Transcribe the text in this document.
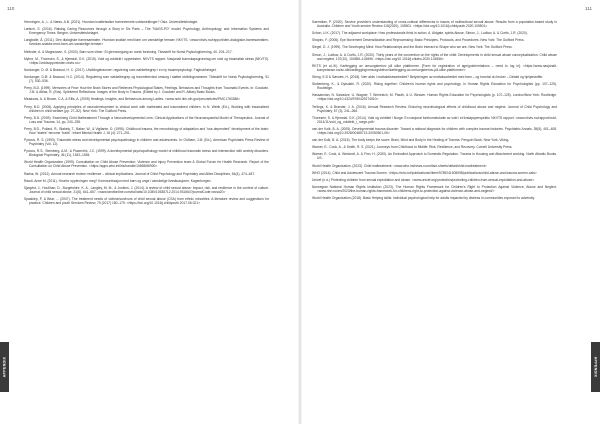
110

Henningen, A., L. & Næss, A.B. (2021). Hvordan kvalitetssikre barnevernets voldsmeldinger? Oslo: Universitetsforlaget.

Lætsch, S. (2016). Raising Caring Resources through a Story in Six Parts – The "NAGS-PO" model. Psychology, Anthropology, and Information Systems and Emergency Times. Bergen: Universitetsforlaget.

Langballe, Å. (2011). Den dialogiske barnesamtalen. Hvordan snakke med barn om vanskelige temaer. NKVTS. <www.nkvts.no/rapport/den-dialogiske-barnesamtalen-hvordan-snakke-med-barn-om-vanskelige-temaer>

Melinder, A. & Magnussen, S. (2003). Barn som vitner: Et giennomgang av norsk forskning. Tidsskrift for Norsk Psykologforening, 40, 204–217.

Myhre, M., Thoresen, S., & Hjemdal, O.K. (2015). Vold og voldtekt i oppveksten. NKVTS rapport. Nasjonalt kunnskapsgrunnlag om vold og traumatisk stress (NKVTS). <https://voldsoppveksten.nkvts.no>

Nordanger, D. Ø. & Braarud, H. C. (2017). Utviklingstraumer: regulering som nøkkelbegrep i en ny traumepsykologi. Fagbokforlaget.

Nordanger, D.Ø. & Braarud, H.C. (2014). Regulering som nøkkelbegrep og traumebevisst omsorg i støttet utviklingsrammer. Tidsskrift for Norsk Psykologforening, 51 (7), 530–536.

Perry, B.D. (1999). Memories of Fear: How the Brain Stores and Retrieves Physiological States, Feelings, Behaviors and Thoughts from Traumatic Events. In: Goodwin, J.M. & Attias, R. (Eds). Splintered Reflections: Images of the Body in Trauma. (Edited by J. Goodwin and R. Attias) Basic Books.

Meadows, A. & Brown, C.A. & Ellis, A. (2005) Healings, Insights, and Behaviours among Ladies. <www.ncbi.nlm.nih.gov/pmc/articles/PMC1760386>

Perry, B.D. (2006). Applying principles of neurodevelopment to clinical work with maltreated and traumatized children. In N. Webb (Ed.), Working with traumatized children in child welfare (pp. 27–52). New York: The Guilford Press.

Perry, B.D. (2009). Examining Child Maltreatment Through a Neurodevelopmental Lens: Clinical Applications of the Neurosequential Model of Therapeutics. Journal of Loss and Trauma, 14, pp. 240–255.

Perry, B.D., Pollard, R., Blakely, T., Baker, W., & Vigilante, D. (1995). Childhood trauma, the neurobiology of adaptation and "use-dependent" development of the brain: How "states" become "traits". Infant Mental Health J, 16 (4): 271–291.

Pynoos, R. S. (1993). Traumatic stress and developmental psychopathology in children and adolescents. In: Oldham, J.M. (Ed.), American Psychiatric Press Review of Psychiatry (Vol. 12).

Pynoos, R.S., Steinberg, A.M., & Piacentini, J.C. (1999). A developmental psychopathology model of childhood traumatic stress and intersection with anxiety disorders. Biological Psychiatry, 46 (11), 1542–1554.

World Health Organization (1999). Consultation on Child Abuse Prevention: Violence and Injury Prevention team & Global Forum for Health Research. Report of the Consultation on Child Abuse Prevention. <https://apps.who.int/iris/handle/10665/65900>

Rørbø, W. (2012). Annual research review: resilience – clinical implications. Journal of Child Psychology and Psychiatry and Allied Disciplines, 54(4), 474–487.

Raudi, Anne M. (2011). Hvorfor opplevingen meg? Kommunikasjon med barn og unge i vanskelige livssituasjoner. Kagenborgen.

Sjøqvist, J., Houlihan, D., Burgetshire, K. A., Langley, M. M., & Junkins, J. (2014). A review of child sexual abuse: Impact, risk, and resilience in the context of culture. Journal of child sexual abuse, 21(6), 641–657. <www.tandfonline.com/doi/abs/10.1080/10538712.2014.931663?journalCode=wcsa20>

Spasklep, P. & Bear, ... (2007). The treatment needs of victims/survivors of child sexual abuse (CSA) from ethnic minorities: A literature review and suggestions for practice. Children and youth Services Review, 79 (2017) 180–175. <https://doi.org/10.1016/j.childyouth.2017.06.021>

APPENDIX
111

Saemdian, P. (2020). Service provider's understanding of cross-cultural differences in issues of multicultural sexual abuse: Results from a population-based study in Australia. Children and Youth service Review 118(2020), 105501. <https://doi.org/10.1016/j.childyouth.2020.105501>

Schon, U.K. (2017). The adjacent workplace: How professionals think in action. A. Aldgate, spirits Abuse, Simon, J., Ludlow, A. & Curtis, J.R. (2020).

Shapiro, F. (2006). Eye Movement Desensitization and Reprocessing: Basic Principles, Protocols, and Procedures. New York: The Guilford Press.

Siegel, D. J. (1999). The Developing Mind: How Relationships and the Brain Interact to Shape who we are. New York: The Guilford Press.

Simon, J., Ludlow, A. & Curtis, J.R. (2020). Thirty years of the convention on the rights of the child: Developments in child sexual abuse conceptualization. Child abuse and neglect, 107(10), 104556–104596. <https://doi.org/10.1016/j.chiabu.2020.104556>

RKTS (et al.-III). Kartlegging av omsorgsbehov på ulike plattformer. [Form for registration of age/guide/relations – need to log in]. <https://www.nasjonalt-kompetanse.no/av-idk/kartlegging/omsorgsbehov/kartlegging-av-omsorgsbehov-på-ulike-plattformer/>

Steng, E.D & Sørnæs, H. (2018). Vær aktiv i mottakelsesarbeidet? Betydningen av mottaksarbeidet med barn – og hvordal du bruker – Debatt og hjelpestoffer.

Stoltenberg, K., & Dytsdahl, R. (2020). Rising together: Children's human rights and psychology. In Human Rights Education for Psychologists (pp. 107–125). Routledge.

Hassannian, N. Saivadze, U. Wagner, T. Weinreich, M. Plauth, & U. Weaver. Human Rights Education for Psychologists (p. 107–125). London/New York: Routledge. <https://doi.org/10.4324/9780429274510>

Terlings, K. & Brander, J. A. (2016). Annual Research Review: Enduring neurobiological effects of childhood abuse and neglect. Journal of Child Psychology and Psychiatry, 57 (3), 241–266.

Thoresen, S. & Hjemdal, O.K. (2014). Vold og voldtekt i Norge: En nasjonal forekomststudie av vold i et livsløpsperspektiv. NKVTS rapport. <www.nkvts.no/rapport/vold-2014/11/vold_og_voldtekt_i_norge.pdf>

van der Kolk, B. A. (2005). Developmental trauma disorder: Toward a rational diagnosis for children with complex trauma histories. Psychiatric Annals, 35(5), 401–408. <https://doi.org/10.3928/00485713-20050501-06>

van der Kolk, B. A. (2015). The body keeps the score: Brain, Mind and Body in the Healing of Trauma. Penguin Book. New York: Viking.

Warner, E., Cook, A., & Smith, R. S. (2021). Journeys from Childhood to Midlife: Risk, Resilience, and Recovery. Cornell University Press.

Warner, E. Cook, A. Westcott, A. & Finn, H. (2020). An Embodied Approach to Domestic Regulation. Trauma in Housing and Attachment working. North Atlantic Books. US.

World Health Organization. (2023). Child maltreatment. <www.who.int/news-room/fact-sheets/detail/child-maltreatment>

WHO (2014). Child and Adolescent Trauma Screen. <https://who.int/publications/i/item/9789241505598/publications/child-abuse-and-trauma-screen-cats>

Unicef (n.d.) Protecting children from sexual exploitation and abuse. <www.unicef.org/protection/protecting-children-from-sexual-exploitation-and-abuse>

Norwegian National Human Rights Institution (2023). The Human Rights Framework for Children's Right to Protection Against Violence, Abuse and Neglect. <www.nhri.no/en/2023/the-human-rights-framework-for-childrens-right-to-protection-against-violence-abuse-and-neglect/>

World Health Organization (2018). Basic Helping skills: Individual psychological help for adults impacted by distress in communities exposed to adversity.

APPENDIX
